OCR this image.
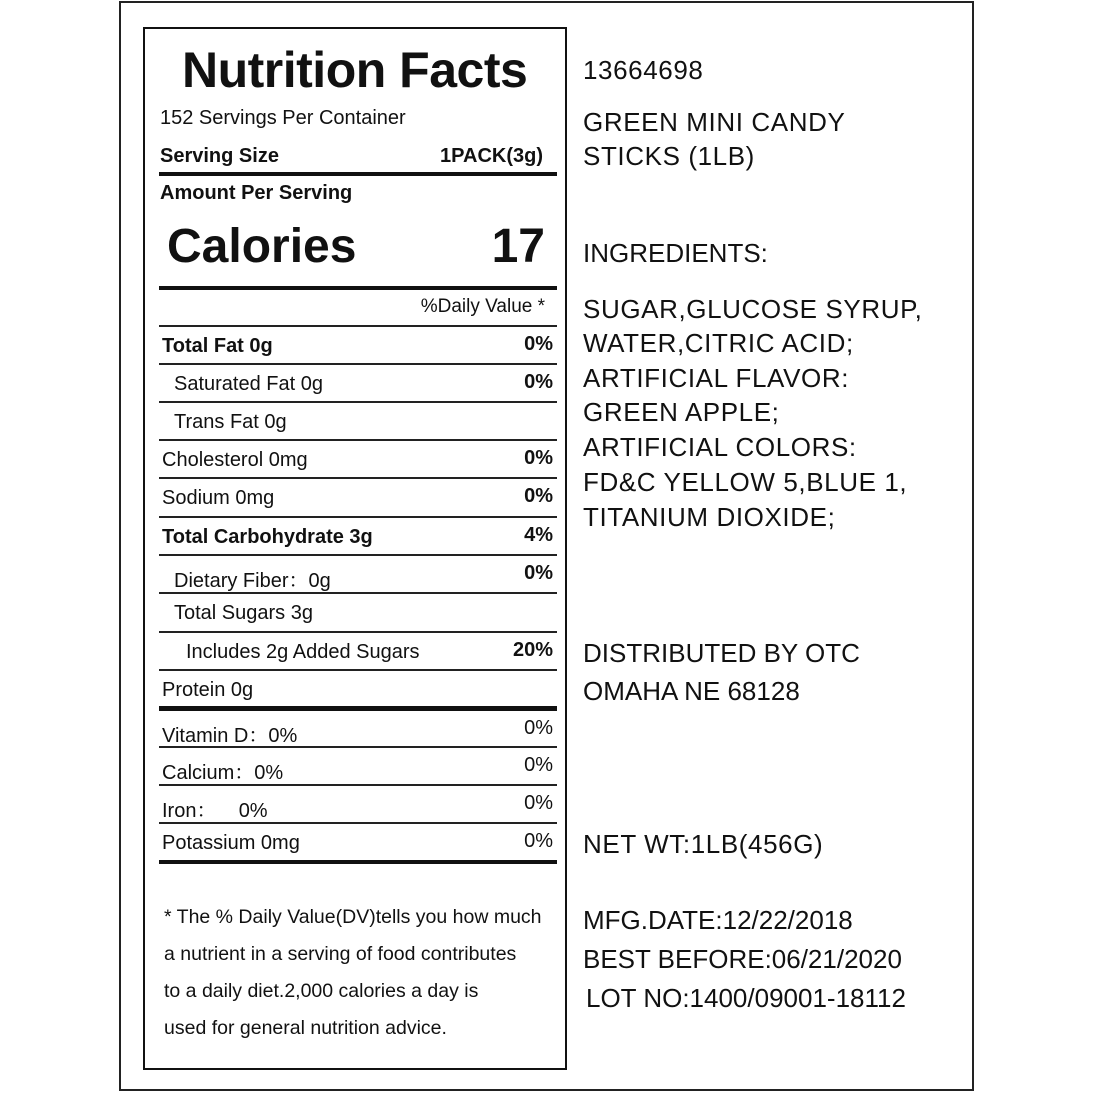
Nutrition Facts
152 Servings Per Container
Serving Size	1PACK(3g)
Amount Per Serving
Calories	17
%Daily Value *
Total Fat 0g	0%
Saturated Fat 0g	0%
Trans Fat 0g
Cholesterol 0mg	0%
Sodium 0mg	0%
Total Carbohydrate 3g	4%
Dietary Fiber：0g	0%
Total Sugars 3g
Includes 2g Added Sugars	20%
Protein 0g
Vitamin D：0%	0%
Calcium：0%	0%
Iron：    0%	0%
Potassium 0mg	0%
* The % Daily Value(DV)tells you how much
a nutrient in a serving of food contributes
to a daily diet.2,000 calories a day is
used for general nutrition advice.
13664698
GREEN MINI CANDY
STICKS (1LB)
INGREDIENTS:
SUGAR,GLUCOSE SYRUP,
WATER,CITRIC ACID;
ARTIFICIAL FLAVOR:
GREEN APPLE;
ARTIFICIAL COLORS:
FD&C YELLOW 5,BLUE 1,
TITANIUM DIOXIDE;
DISTRIBUTED BY OTC
OMAHA NE 68128
NET WT:1LB(456G)
MFG.DATE:12/22/2018
BEST BEFORE:06/21/2020
LOT NO:1400/09001-18112
